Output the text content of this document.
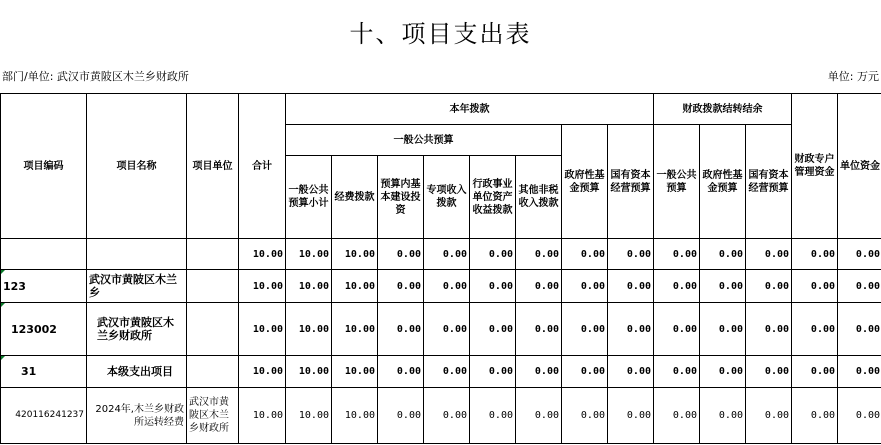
十、项目支出表
部门/单位: 武汉市黄陂区木兰乡财政所	单位: 万元
项目编码	项目名称	项目单位	合计	本年拨款								财政拨款结转结余			财政专户管理资金	单位资金
				一般公共预算						政府性基金预算	国有资本经营预算	一般公共预算	政府性基金预算	国有资本经营预算		
				一般公共预算小计	经费拨款	预算内基本建设投资	专项收入拨款	行政事业单位资产收益拨款	其他非税收入拨款							
			10.00	10.00	10.00	0.00	0.00	0.00	0.00	0.00	0.00	0.00	0.00	0.00	0.00	0.00
123	武汉市黄陂区木兰乡		10.00	10.00	10.00	0.00	0.00	0.00	0.00	0.00	0.00	0.00	0.00	0.00	0.00	0.00
123002	武汉市黄陂区木兰乡财政所		10.00	10.00	10.00	0.00	0.00	0.00	0.00	0.00	0.00	0.00	0.00	0.00	0.00	0.00
31	本级支出项目		10.00	10.00	10.00	0.00	0.00	0.00	0.00	0.00	0.00	0.00	0.00	0.00	0.00	0.00
420116241237	2024年,木兰乡财政所运转经费	武汉市黄陂区木兰乡财政所	10.00	10.00	10.00	0.00	0.00	0.00	0.00	0.00	0.00	0.00	0.00	0.00	0.00	0.00
